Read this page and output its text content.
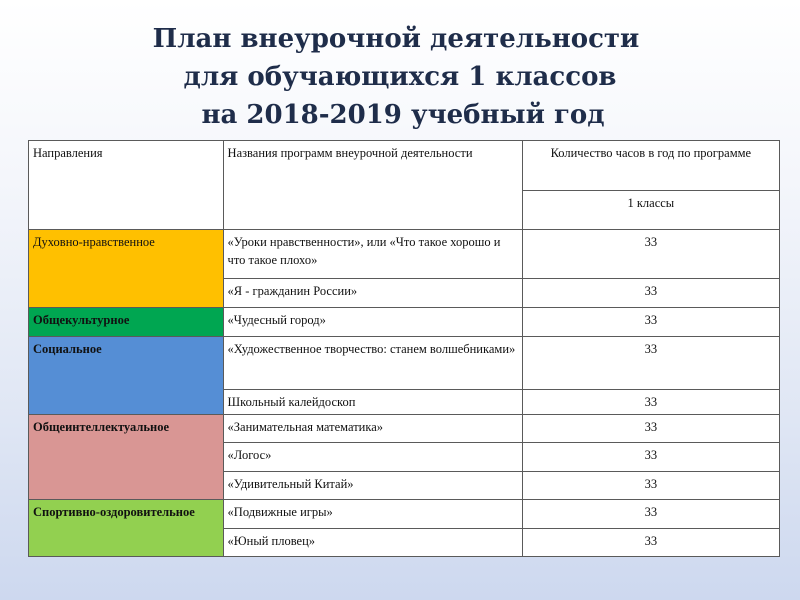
План внеурочной деятельности
для обучающихся 1 классов
на 2018-2019 учебный год
Направления	Названия программ внеурочной деятельности	Количество часов в год по программе
		1 классы
Духовно-нравственное	«Уроки нравственности», или «Что такое хорошо и что такое плохо»	33
	«Я - гражданин России»	33
Общекультурное	«Чудесный город»	33
Социальное	«Художественное творчество: станем волшебниками»	33
	Школьный калейдоскоп	33
Общеинтеллектуальное	«Занимательная математика»	33
	«Логос»	33
	«Удивительный Китай»	33
Спортивно-оздоровительное	«Подвижные игры»	33
	«Юный пловец»	33
